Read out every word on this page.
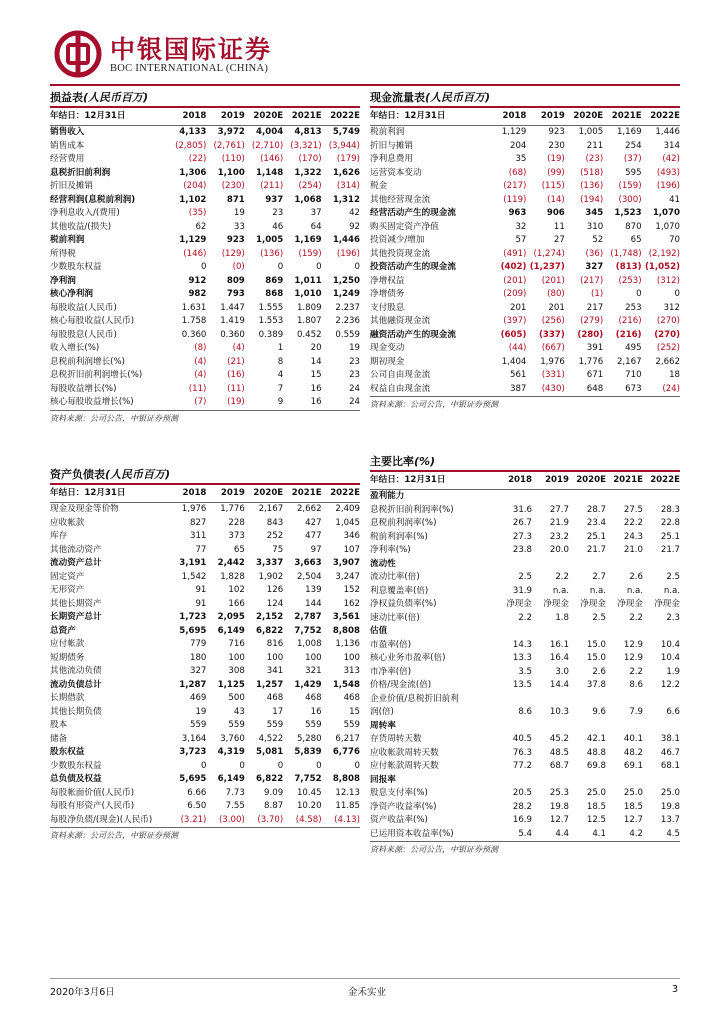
中银国际证券
BOC INTERNATIONAL (CHINA)
损益表(人民币百万)
年结日：12月31日	2018	2019	2020E	2021E	2022E
销售收入	4,133	3,972	4,004	4,813	5,749
销售成本	(2,805)	(2,761)	(2,710)	(3,321)	(3,944)
经营费用	(22)	(110)	(146)	(170)	(179)
息税折旧前利润	1,306	1,100	1,148	1,322	1,626
折旧及摊销	(204)	(230)	(211)	(254)	(314)
经营利润(息税前利润)	1,102	871	937	1,068	1,312
净利息收入/(费用)	(35)	19	23	37	42
其他收益/(损失)	62	33	46	64	92
税前利润	1,129	923	1,005	1,169	1,446
所得税	(146)	(129)	(136)	(159)	(196)
少数股东权益	0	(0)	0	0	0
净利润	912	809	869	1,011	1,250
核心净利润	982	793	868	1,010	1,249
每股收益(人民币)	1.631	1.447	1.555	1.809	2.237
核心每股收益(人民币)	1.758	1.419	1.553	1.807	2.236
每股股息(人民币)	0.360	0.360	0.389	0.452	0.559
收入增长(%)	(8)	(4)	1	20	19
息税前利润增长(%)	(4)	(21)	8	14	23
息税折旧前利润增长(%)	(4)	(16)	4	15	23
每股收益增长(%)	(11)	(11)	7	16	24
核心每股收益增长(%)	(7)	(19)	9	16	24
资料来源：公司公告，中银证券预测
资产负债表(人民币百万)
年结日：12月31日	2018	2019	2020E	2021E	2022E
现金及现金等价物	1,976	1,776	2,167	2,662	2,409
应收帐款	827	228	843	427	1,045
库存	311	373	252	477	346
其他流动资产	77	65	75	97	107
流动资产总计	3,191	2,442	3,337	3,663	3,907
固定资产	1,542	1,828	1,902	2,504	3,247
无形资产	91	102	126	139	152
其他长期资产	91	166	124	144	162
长期资产总计	1,723	2,095	2,152	2,787	3,561
总资产	5,695	6,149	6,822	7,752	8,808
应付帐款	779	716	816	1,008	1,136
短期债务	180	100	100	100	100
其他流动负债	327	308	341	321	313
流动负债总计	1,287	1,125	1,257	1,429	1,548
长期借款	469	500	468	468	468
其他长期负债	19	43	17	16	15
股本	559	559	559	559	559
储备	3,164	3,760	4,522	5,280	6,217
股东权益	3,723	4,319	5,081	5,839	6,776
少数股东权益	0	0	0	0	0
总负债及权益	5,695	6,149	6,822	7,752	8,808
每股帐面价值(人民币)	6.66	7.73	9.09	10.45	12.13
每股有形资产(人民币)	6.50	7.55	8.87	10.20	11.85
每股净负债/(现金)(人民币)	(3.21)	(3.00)	(3.70)	(4.58)	(4.13)
资料来源：公司公告，中银证券预测
现金流量表(人民币百万)
年结日：12月31日	2018	2019	2020E	2021E	2022E
税前利润	1,129	923	1,005	1,169	1,446
折旧与摊销	204	230	211	254	314
净利息费用	35	(19)	(23)	(37)	(42)
运营资本变动	(68)	(99)	(518)	595	(493)
税金	(217)	(115)	(136)	(159)	(196)
其他经营现金流	(119)	(14)	(194)	(300)	41
经营活动产生的现金流	963	906	345	1,523	1,070
购买固定资产净值	32	11	310	870	1,070
投资减少/增加	57	27	52	65	70
其他投资现金流	(491)	(1,274)	(36)	(1,748)	(2,192)
投资活动产生的现金流	(402)	(1,237)	327	(813)	(1,052)
净增权益	(201)	(201)	(217)	(253)	(312)
净增债务	(209)	(80)	(1)	0	0
支付股息	201	201	217	253	312
其他融资现金流	(397)	(256)	(279)	(216)	(270)
融资活动产生的现金流	(605)	(337)	(280)	(216)	(270)
现金变动	(44)	(667)	391	495	(252)
期初现金	1,404	1,976	1,776	2,167	2,662
公司自由现金流	561	(331)	671	710	18
权益自由现金流	387	(430)	648	673	(24)
资料来源：公司公告，中银证券预测
主要比率(%)
年结日：12月31日	2018	2019	2020E	2021E	2022E
盈利能力					
息税折旧前利润率(%)	31.6	27.7	28.7	27.5	28.3
息税前利润率(%)	26.7	21.9	23.4	22.2	22.8
税前利润率(%)	27.3	23.2	25.1	24.3	25.1
净利率(%)	23.8	20.0	21.7	21.0	21.7
流动性					
流动比率(倍)	2.5	2.2	2.7	2.6	2.5
利息覆盖率(倍)	31.9	n.a.	n.a.	n.a.	n.a.
净权益负债率(%)	净现金	净现金	净现金	净现金	净现金
速动比率(倍)	2.2	1.8	2.5	2.2	2.3
估值					
市盈率(倍)	14.3	16.1	15.0	12.9	10.4
核心业务市盈率(倍)	13.3	16.4	15.0	12.9	10.4
市净率(倍)	3.5	3.0	2.6	2.2	1.9
价格/现金流(倍)	13.5	14.4	37.8	8.6	12.2
企业价值/息税折旧前利					
润(倍)	8.6	10.3	9.6	7.9	6.6
周转率					
存货周转天数	40.5	45.2	42.1	40.1	38.1
应收帐款周转天数	76.3	48.5	48.8	48.2	46.7
应付帐款周转天数	77.2	68.7	69.8	69.1	68.1
回报率					
股息支付率(%)	20.5	25.3	25.0	25.0	25.0
净资产收益率(%)	28.2	19.8	18.5	18.5	19.8
资产收益率(%)	16.9	12.7	12.5	12.7	13.7
已运用资本收益率(%)	5.4	4.4	4.1	4.2	4.5
资料来源：公司公告，中银证券预测
2020年3月6日	金禾实业	3
